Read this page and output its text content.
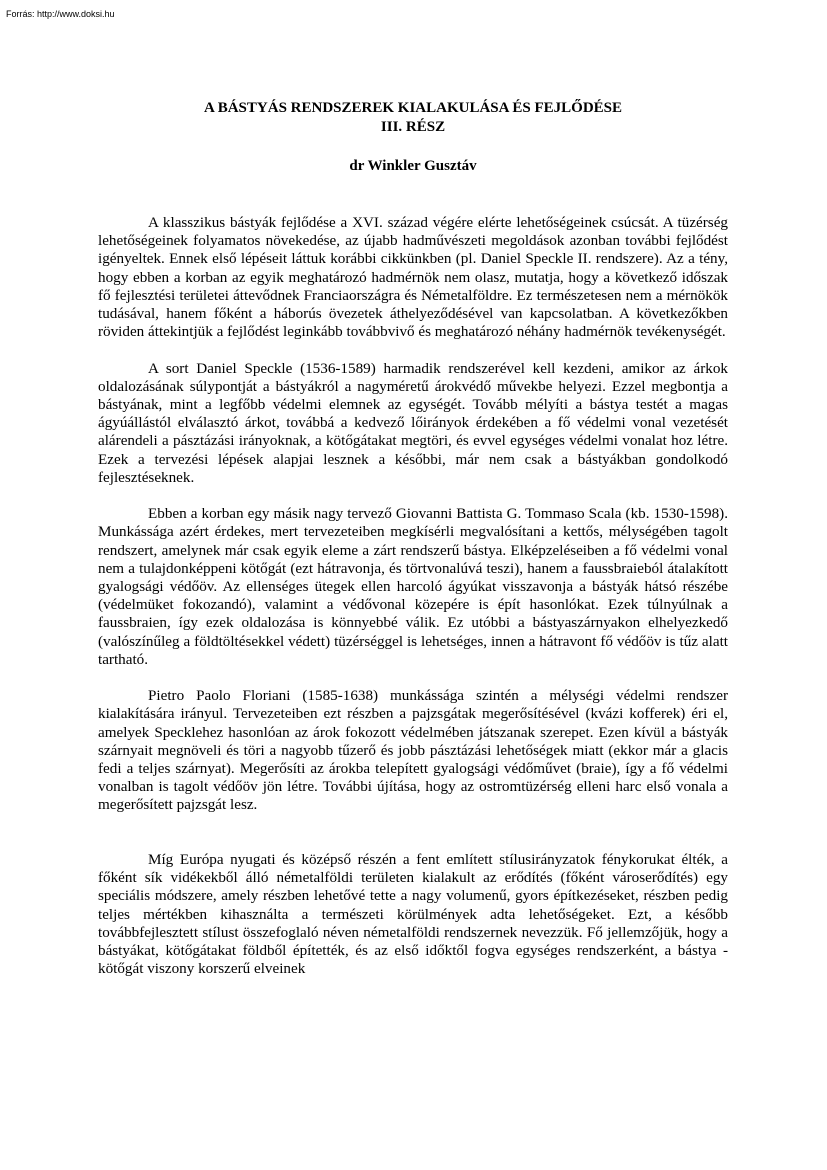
Forrás: http://www.doksi.hu
A BÁSTYÁS RENDSZEREK KIALAKULÁSA ÉS FEJLŐDÉSE
III. RÉSZ
dr Winkler Gusztáv

A klasszikus bástyák fejlődése a XVI. század végére elérte lehetőségeinek csúcsát. A tüzérség lehetőségeinek folyamatos növekedése, az újabb hadművészeti megoldások azonban további fejlődést igényeltek. Ennek első lépéseit láttuk korábbi cikkünkben (pl. Daniel Speckle II. rendszere). Az a tény, hogy ebben a korban az egyik meghatározó hadmérnök nem olasz, mutatja, hogy a következő időszak fő fejlesztési területei áttevődnek Franciaországra és Németalföldre. Ez természetesen nem a mérnökök tudásával, hanem főként a háborús övezetek áthelyeződésével van kapcsolatban. A következőkben röviden áttekintjük a fejlődést leginkább továbbvivő és meghatározó néhány hadmérnök tevékenységét.

A sort Daniel Speckle (1536-1589) harmadik rendszerével kell kezdeni, amikor az árkok oldalozásának súlypontját a bástyákról a nagyméretű árokvédő művekbe helyezi. Ezzel megbontja a bástyának, mint a legfőbb védelmi elemnek az egységét. Tovább mélyíti a bástya testét a magas ágyúállástól elválasztó árkot, továbbá a kedvező lőirányok érdekében a fő védelmi vonal vezetését alárendeli a pásztázási irányoknak, a kötőgátakat megtöri, és evvel egységes védelmi vonalat hoz létre. Ezek a tervezési lépések alapjai lesznek a későbbi, már nem csak a bástyákban gondolkodó fejlesztéseknek.

Ebben a korban egy másik nagy tervező Giovanni Battista G. Tommaso Scala (kb. 1530-1598). Munkássága azért érdekes, mert tervezeteiben megkísérli megvalósítani a kettős, mélységében tagolt rendszert, amelynek már csak egyik eleme a zárt rendszerű bástya. Elképzeléseiben a fő védelmi vonal nem a tulajdonképpeni kötőgát (ezt hátravonja, és törtvonalúvá teszi), hanem a faussbraieból átalakított gyalogsági védőöv. Az ellenséges ütegek ellen harcoló ágyúkat visszavonja a bástyák hátsó részébe (védelmüket fokozandó), valamint a védővonal közepére is épít hasonlókat. Ezek túlnyúlnak a faussbraien, így ezek oldalozása is könnyebbé válik. Ez utóbbi a bástyaszárnyakon elhelyezkedő (valószínűleg a földtöltésekkel védett) tüzérséggel is lehetséges, innen a hátravont fő védőöv is tűz alatt tartható.

Pietro Paolo Floriani (1585-1638) munkássága szintén a mélységi védelmi rendszer kialakítására irányul. Tervezeteiben ezt részben a pajzsgátak megerősítésével (kvázi kofferek) éri el, amelyek Specklehez hasonlóan az árok fokozott védelmében játszanak szerepet. Ezen kívül a bástyák szárnyait megnöveli és töri a nagyobb tűzerő és jobb pásztázási lehetőségek miatt (ekkor már a glacis fedi a teljes szárnyat). Megerősíti az árokba telepített gyalogsági védőművet (braie), így a fő védelmi vonalban is tagolt védőöv jön létre. További újítása, hogy az ostromtüzérség elleni harc első vonala a megerősített pajzsgát lesz.

Míg Európa nyugati és középső részén a fent említett stílusirányzatok fénykorukat élték, a főként sík vidékekből álló németalföldi területen kialakult az erődítés (főként városerődítés) egy speciális módszere, amely részben lehetővé tette a nagy volumenű, gyors építkezéseket, részben pedig teljes mértékben kihasználta a természeti körülmények adta lehetőségeket. Ezt, a később továbbfejlesztett stílust összefoglaló néven németalföldi rendszernek nevezzük. Fő jellemzőjük, hogy a bástyákat, kötőgátakat földből építették, és az első időktől fogva egységes rendszerként, a bástya - kötőgát viszony korszerű elveinek
